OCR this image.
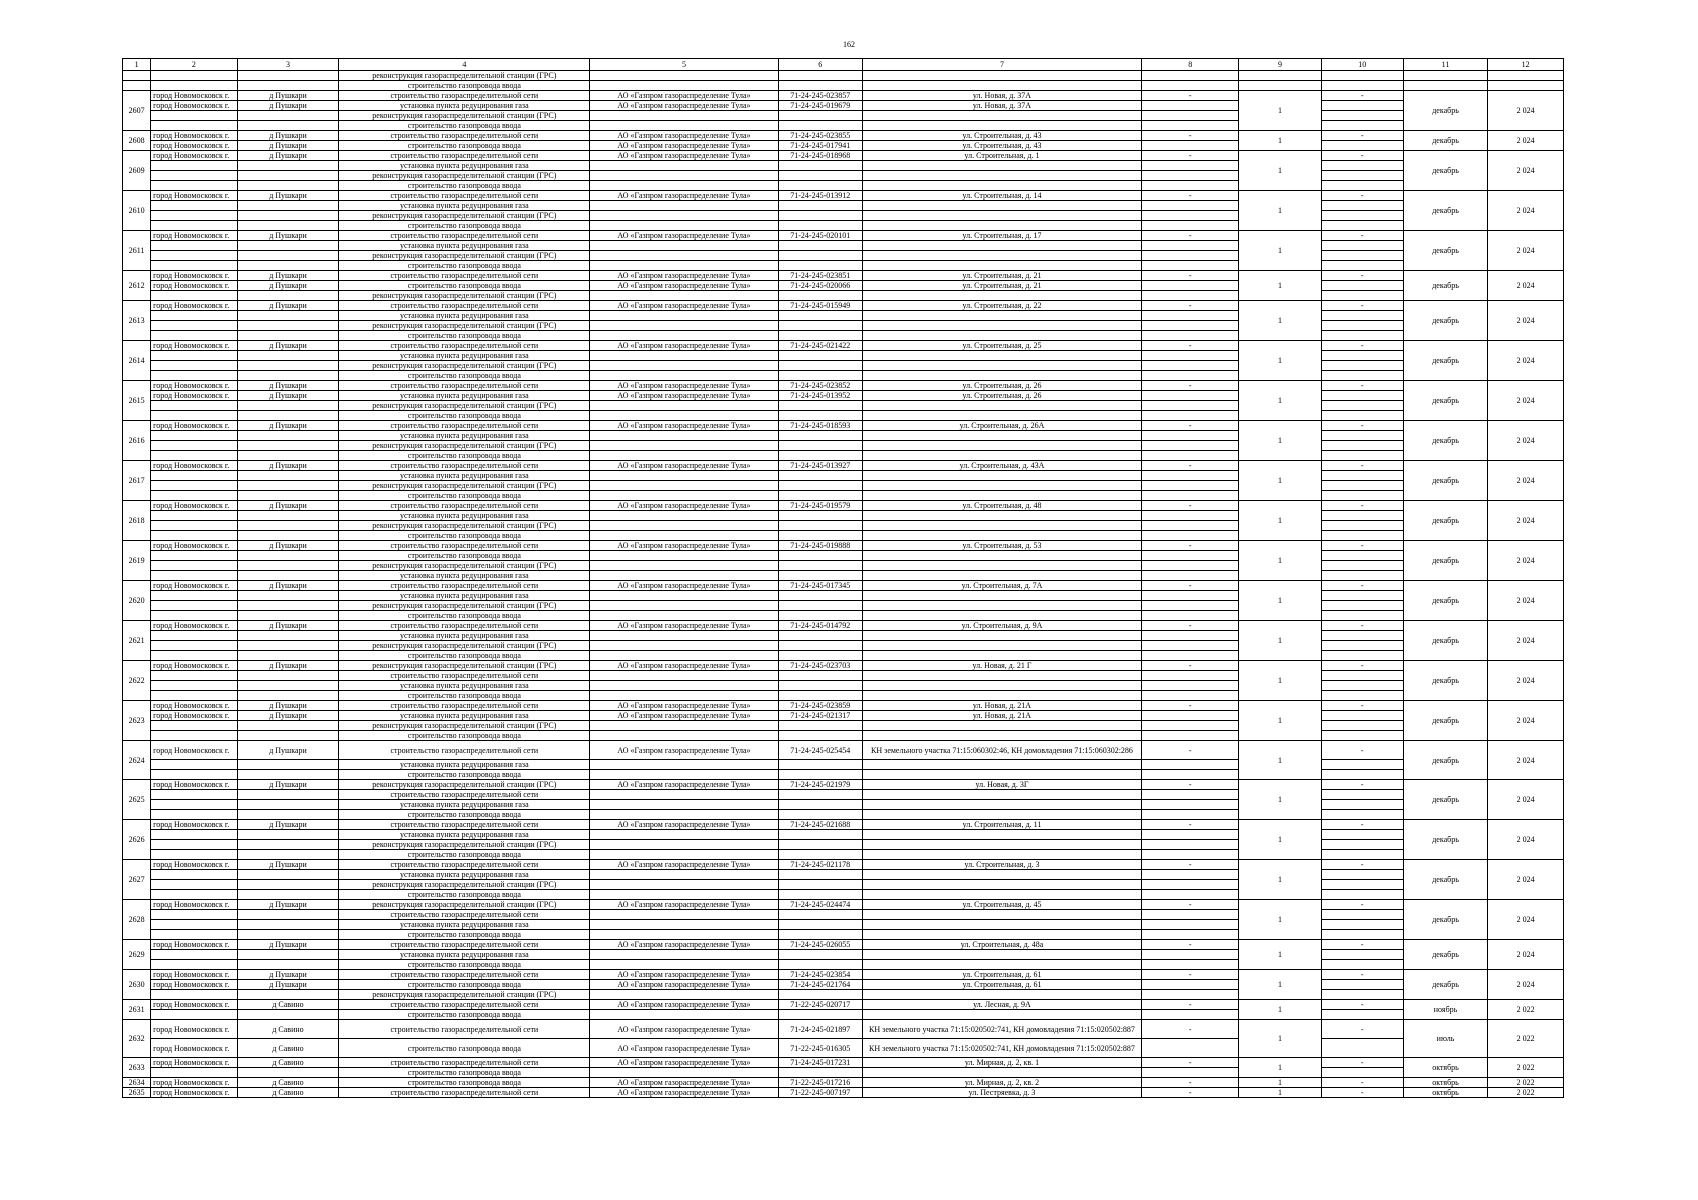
162
1	2	3	4	5	6	7	8	9	10	11	12
			реконструкция газораспределительной станции (ГРС)								
			строительство газопровода ввода								
2607	город Новомосковск г.	д Пушкари	строительство газораспределительной сети	АО «Газпром газораспределение Тула»	71-24-245-023857	ул. Новая, д. 37А	-	1	-	декабрь	2 024
	город Новомосковск г.	д Пушкари	установка пункта редуцирования газа	АО «Газпром газораспределение Тула»	71-24-245-019679	ул. Новая, д. 37А					
			реконструкция газораспределительной станции (ГРС)								
			строительство газопровода ввода								
2608	город Новомосковск г.	д Пушкари	строительство газораспределительной сети	АО «Газпром газораспределение Тула»	71-24-245-023855	ул. Строительная, д. 43	-	1	-	декабрь	2 024
	город Новомосковск г.	д Пушкари	строительство газопровода ввода	АО «Газпром газораспределение Тула»	71-24-245-017941	ул. Строительная, д. 43					
2609	город Новомосковск г.	д Пушкари	строительство газораспределительной сети	АО «Газпром газораспределение Тула»	71-24-245-018968	ул. Строительная, д. 1	-	1	-	декабрь	2 024
			установка пункта редуцирования газа								
			реконструкция газораспределительной станции (ГРС)								
			строительство газопровода ввода								
2610	город Новомосковск г.	д Пушкари	строительство газораспределительной сети	АО «Газпром газораспределение Тула»	71-24-245-013912	ул. Строительная, д. 14	-	1	-	декабрь	2 024
			установка пункта редуцирования газа								
			реконструкция газораспределительной станции (ГРС)								
			строительство газопровода ввода								
2611	город Новомосковск г.	д Пушкари	строительство газораспределительной сети	АО «Газпром газораспределение Тула»	71-24-245-020101	ул. Строительная, д. 17	-	1	-	декабрь	2 024
			установка пункта редуцирования газа								
			реконструкция газораспределительной станции (ГРС)								
			строительство газопровода ввода								
2612	город Новомосковск г.	д Пушкари	строительство газораспределительной сети	АО «Газпром газораспределение Тула»	71-24-245-023851	ул. Строительная, д. 21	-	1	-	декабрь	2 024
	город Новомосковск г.	д Пушкари	строительство газопровода ввода	АО «Газпром газораспределение Тула»	71-24-245-020066	ул. Строительная, д. 21					
			реконструкция газораспределительной станции (ГРС)								
2613	город Новомосковск г.	д Пушкари	строительство газораспределительной сети	АО «Газпром газораспределение Тула»	71-24-245-015949	ул. Строительная, д. 22	-	1	-	декабрь	2 024
			установка пункта редуцирования газа								
			реконструкция газораспределительной станции (ГРС)								
			строительство газопровода ввода								
2614	город Новомосковск г.	д Пушкари	строительство газораспределительной сети	АО «Газпром газораспределение Тула»	71-24-245-021422	ул. Строительная, д. 25	-	1	-	декабрь	2 024
			установка пункта редуцирования газа								
			реконструкция газораспределительной станции (ГРС)								
			строительство газопровода ввода								
2615	город Новомосковск г.	д Пушкари	строительство газораспределительной сети	АО «Газпром газораспределение Тула»	71-24-245-023852	ул. Строительная, д. 26	-	1	-	декабрь	2 024
	город Новомосковск г.	д Пушкари	установка пункта редуцирования газа	АО «Газпром газораспределение Тула»	71-24-245-013952	ул. Строительная, д. 26					
			реконструкция газораспределительной станции (ГРС)								
			строительство газопровода ввода								
2616	город Новомосковск г.	д Пушкари	строительство газораспределительной сети	АО «Газпром газораспределение Тула»	71-24-245-018593	ул. Строительная, д. 26А	-	1	-	декабрь	2 024
			установка пункта редуцирования газа								
			реконструкция газораспределительной станции (ГРС)								
			строительство газопровода ввода								
2617	город Новомосковск г.	д Пушкари	строительство газораспределительной сети	АО «Газпром газораспределение Тула»	71-24-245-013927	ул. Строительная, д. 43А	-	1	-	декабрь	2 024
			установка пункта редуцирования газа								
			реконструкция газораспределительной станции (ГРС)								
			строительство газопровода ввода								
2618	город Новомосковск г.	д Пушкари	строительство газораспределительной сети	АО «Газпром газораспределение Тула»	71-24-245-019579	ул. Строительная, д. 48	-	1	-	декабрь	2 024
			установка пункта редуцирования газа								
			реконструкция газораспределительной станции (ГРС)								
			строительство газопровода ввода								
2619	город Новомосковск г.	д Пушкари	строительство газораспределительной сети	АО «Газпром газораспределение Тула»	71-24-245-019888	ул. Строительная, д. 53	-	1	-	декабрь	2 024
			строительство газопровода ввода								
			реконструкция газораспределительной станции (ГРС)								
			установка пункта редуцирования газа								
2620	город Новомосковск г.	д Пушкари	строительство газораспределительной сети	АО «Газпром газораспределение Тула»	71-24-245-017345	ул. Строительная, д. 7А	-	1	-	декабрь	2 024
			установка пункта редуцирования газа								
			реконструкция газораспределительной станции (ГРС)								
			строительство газопровода ввода								
2621	город Новомосковск г.	д Пушкари	строительство газораспределительной сети	АО «Газпром газораспределение Тула»	71-24-245-014792	ул. Строительная, д. 9А	-	1	-	декабрь	2 024
			установка пункта редуцирования газа								
			реконструкция газораспределительной станции (ГРС)								
			строительство газопровода ввода								
2622	город Новомосковск г.	д Пушкари	реконструкция газораспределительной станции (ГРС)	АО «Газпром газораспределение Тула»	71-24-245-023703	ул. Новая, д. 21 Г	-	1	-	декабрь	2 024
			строительство газораспределительной сети								
			установка пункта редуцирования газа								
			строительство газопровода ввода								
2623	город Новомосковск г.	д Пушкари	строительство газораспределительной сети	АО «Газпром газораспределение Тула»	71-24-245-023859	ул. Новая, д. 21А	-	1	-	декабрь	2 024
	город Новомосковск г.	д Пушкари	установка пункта редуцирования газа	АО «Газпром газораспределение Тула»	71-24-245-021317	ул. Новая, д. 21А					
			реконструкция газораспределительной станции (ГРС)								
			строительство газопровода ввода								
2624	город Новомосковск г.	д Пушкари	строительство газораспределительной сети	АО «Газпром газораспределение Тула»	71-24-245-025454	КН земельного участка 71:15:060302:46, КН домовладения 71:15:060302:286	-	1	-	декабрь	2 024
			установка пункта редуцирования газа								
			строительство газопровода ввода								
2625	город Новомосковск г.	д Пушкари	реконструкция газораспределительной станции (ГРС)	АО «Газпром газораспределение Тула»	71-24-245-021979	ул. Новая, д. 3Г	-	1	-	декабрь	2 024
			строительство газораспределительной сети								
			установка пункта редуцирования газа								
			строительство газопровода ввода								
2626	город Новомосковск г.	д Пушкари	строительство газораспределительной сети	АО «Газпром газораспределение Тула»	71-24-245-021688	ул. Строительная, д. 11	-	1	-	декабрь	2 024
			установка пункта редуцирования газа								
			реконструкция газораспределительной станции (ГРС)								
			строительство газопровода ввода								
2627	город Новомосковск г.	д Пушкари	строительство газораспределительной сети	АО «Газпром газораспределение Тула»	71-24-245-021178	ул. Строительная, д. 3	-	1	-	декабрь	2 024
			установка пункта редуцирования газа								
			реконструкция газораспределительной станции (ГРС)								
			строительство газопровода ввода								
2628	город Новомосковск г.	д Пушкари	реконструкция газораспределительной станции (ГРС)	АО «Газпром газораспределение Тула»	71-24-245-024474	ул. Строительная, д. 45	-	1	-	декабрь	2 024
			строительство газораспределительной сети								
			установка пункта редуцирования газа								
			строительство газопровода ввода								
2629	город Новомосковск г.	д Пушкари	строительство газораспределительной сети	АО «Газпром газораспределение Тула»	71-24-245-026055	ул. Строительная, д. 48а	-	1	-	декабрь	2 024
			установка пункта редуцирования газа								
			строительство газопровода ввода								
2630	город Новомосковск г.	д Пушкари	строительство газораспределительной сети	АО «Газпром газораспределение Тула»	71-24-245-023854	ул. Строительная, д. 61	-	1	-	декабрь	2 024
	город Новомосковск г.	д Пушкари	строительство газопровода ввода	АО «Газпром газораспределение Тула»	71-24-245-021764	ул. Строительная, д. 61					
			реконструкция газораспределительной станции (ГРС)								
2631	город Новомосковск г.	д Савино	строительство газораспределительной сети	АО «Газпром газораспределение Тула»	71-22-245-020717	ул. Лесная, д. 9А	-	1	-	ноябрь	2 022
			строительство газопровода ввода								
2632	город Новомосковск г.	д Савино	строительство газораспределительной сети	АО «Газпром газораспределение Тула»	71-24-245-021897	КН земельного участка 71:15:020502:741, КН домовладения 71:15:020502:887	-	1	-	июль	2 022
	город Новомосковск г.	д Савино	строительство газопровода ввода	АО «Газпром газораспределение Тула»	71-22-245-016305	КН земельного участка 71:15:020502:741, КН домовладения 71:15:020502:887					
2633	город Новомосковск г.	д Савино	строительство газораспределительной сети	АО «Газпром газораспределение Тула»	71-24-245-017231	ул. Мирная, д. 2, кв. 1	-	1	-	октябрь	2 022
			строительство газопровода ввода								
2634	город Новомосковск г.	д Савино	строительство газопровода ввода	АО «Газпром газораспределение Тула»	71-22-245-017216	ул. Мирная, д. 2, кв. 2	-	1	-	октябрь	2 022
2635	город Новомосковск г.	д Савино	строительство газораспределительной сети	АО «Газпром газораспределение Тула»	71-22-245-007197	ул. Пестряевка, д. 3	-	1	-	октябрь	2 022
